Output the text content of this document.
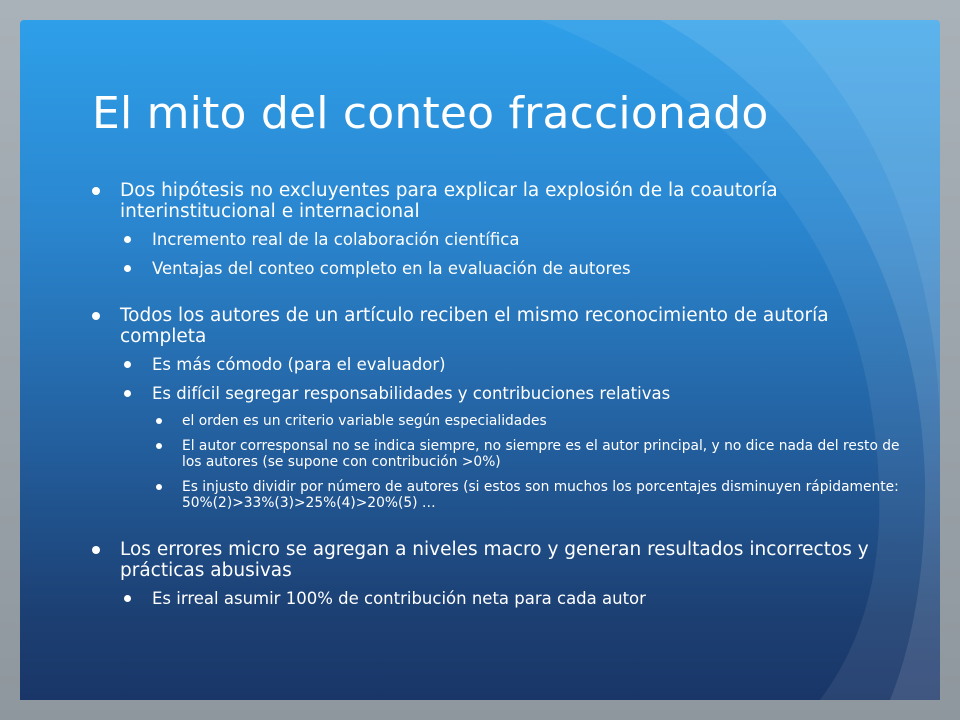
El mito del conteo fraccionado

Dos hipótesis no excluyentes para explicar la explosión de la coautoría interinstitucional e internacional

Incremento real de la colaboración científica

Ventajas del conteo completo en la evaluación de autores

Todos los autores de un artículo reciben el mismo reconocimiento de autoría completa

Es más cómodo (para el evaluador)

Es difícil segregar responsabilidades y contribuciones relativas

el orden es un criterio variable según especialidades

El autor corresponsal no se indica siempre, no siempre es el autor principal, y no dice nada del resto de los autores (se supone con contribución >0%)

Es injusto dividir por número de autores (si estos son muchos los porcentajes disminuyen rápidamente: 50%(2)>33%(3)>25%(4)>20%(5) …

Los errores micro se agregan a niveles macro y generan resultados incorrectos y prácticas abusivas

Es irreal asumir 100% de contribución neta para cada autor
